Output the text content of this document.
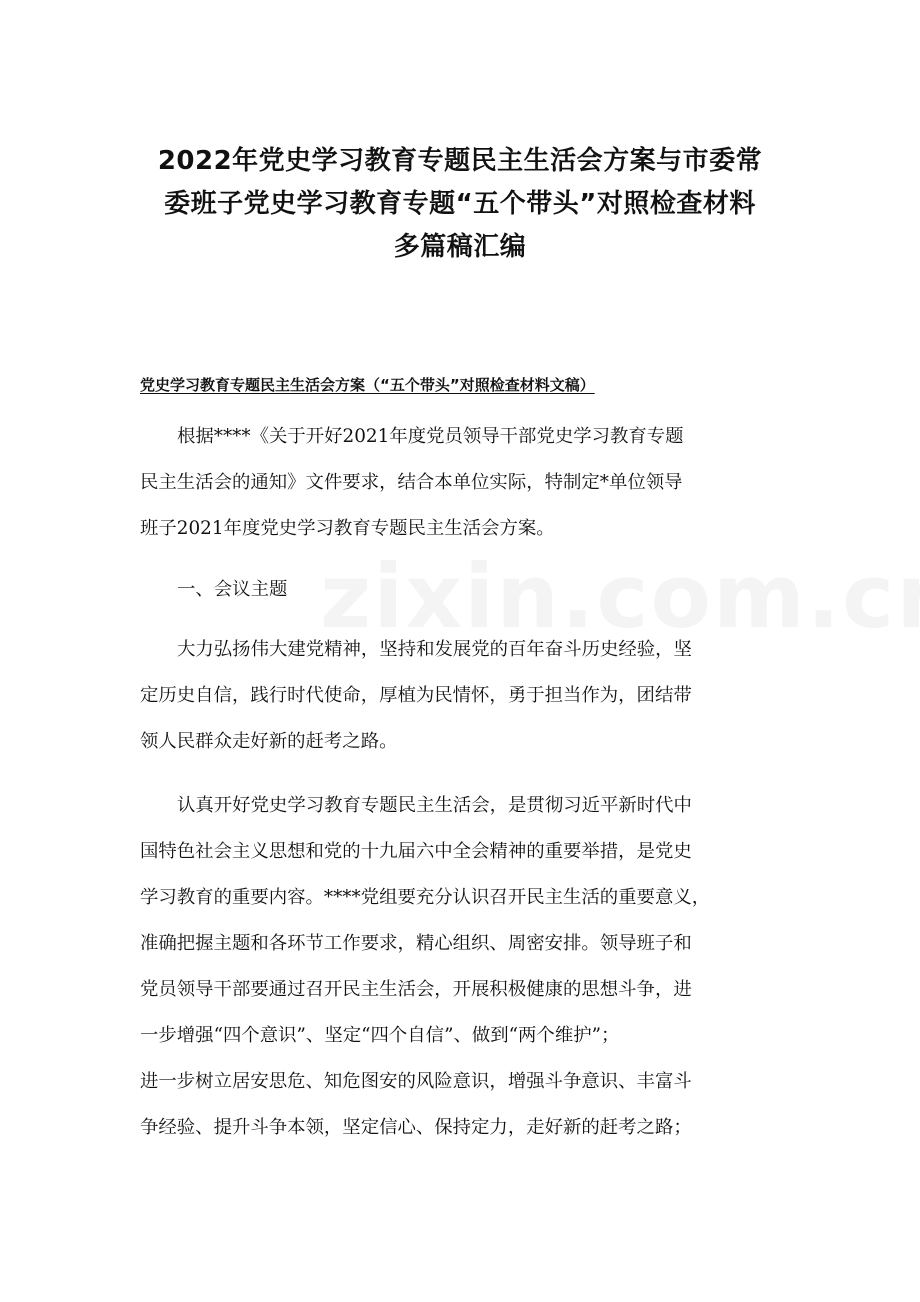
2022年党史学习教育专题民主生活会方案与市委常
委班子党史学习教育专题“五个带头”对照检查材料
多篇稿汇编
党史学习教育专题民主生活会方案（“五个带头”对照检查材料文稿）
根据****《关于开好2021年度党员领导干部党史学习教育专题
民主生活会的通知》文件要求，结合本单位实际，特制定*单位领导
班子2021年度党史学习教育专题民主生活会方案。
一、会议主题
大力弘扬伟大建党精神，坚持和发展党的百年奋斗历史经验，坚
定历史自信，践行时代使命，厚植为民情怀，勇于担当作为，团结带
领人民群众走好新的赶考之路。
认真开好党史学习教育专题民主生活会，是贯彻习近平新时代中
国特色社会主义思想和党的十九届六中全会精神的重要举措，是党史
学习教育的重要内容。****党组要充分认识召开民主生活的重要意义，
准确把握主题和各环节工作要求，精心组织、周密安排。领导班子和
党员领导干部要通过召开民主生活会，开展积极健康的思想斗争，进
一步增强“四个意识”、坚定“四个自信”、做到“两个维护”；
进一步树立居安思危、知危图安的风险意识，增强斗争意识、丰富斗
争经验、提升斗争本领，坚定信心、保持定力，走好新的赶考之路；
